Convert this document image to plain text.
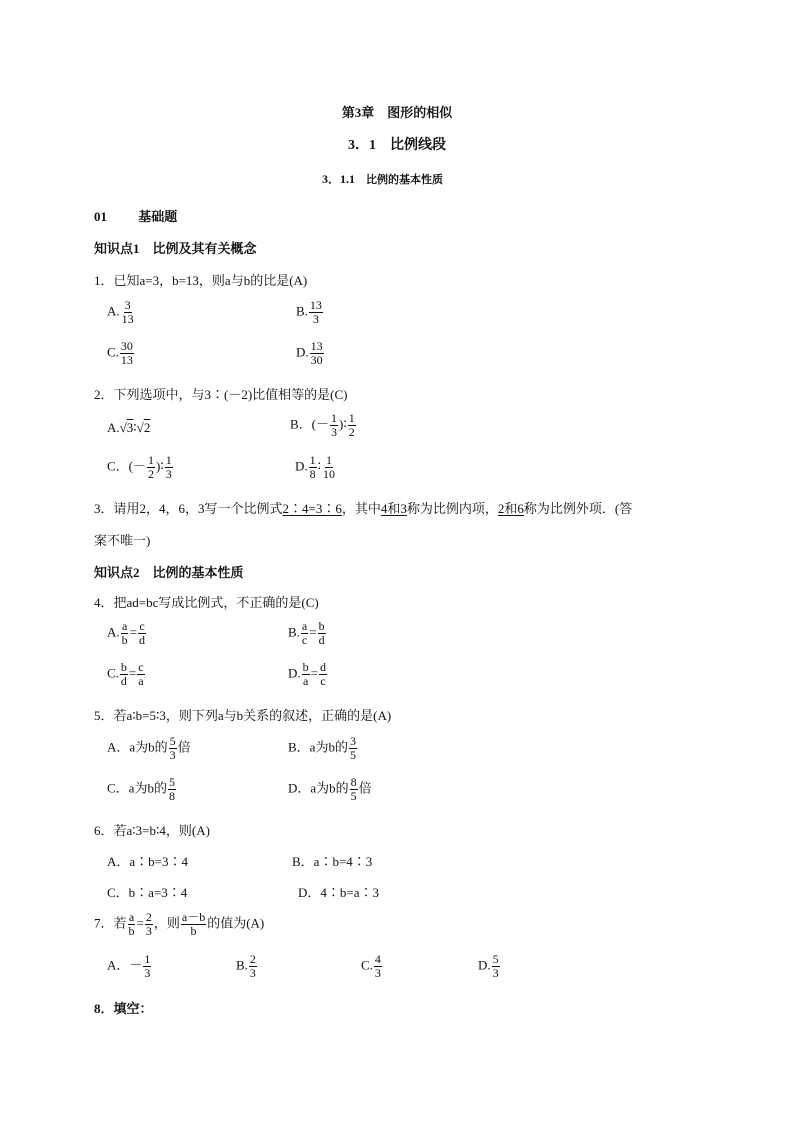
第3章　图形的相似
3．1　比例线段
3．1.1 比例的基本性质
01 基础题
知识点1　比例及其有关概念
1．已知a=3，b=13，则a与b的比是(A)
A. $\frac{3}{13}$	B. $\frac{13}{3}$
C. $\frac{30}{13}$	D. $\frac{13}{30}$
2．下列选项中，与3∶(－2)比值相等的是(C)
A.√3∶√2	B．(－ $\frac{1}{3}$ )∶ $\frac{1}{2}$
C．(－ $\frac{1}{2}$ )∶ $\frac{1}{3}$	D. $\frac{1}{8}$ ∶ $\frac{1}{10}$
3．请用2，4，6，3写一个比例式2∶4=3∶6，其中4和3称为比例内项，2和6称为比例外项．(答
案不唯一)
知识点2　比例的基本性质
4．把ad=bc写成比例式，不正确的是(C)
A. $\frac{a}{b} = \frac{c}{d}$	B. $\frac{a}{c} = \frac{b}{d}$
C. $\frac{b}{d} = \frac{c}{a}$	D. $\frac{b}{a} = \frac{d}{c}$
5．若a∶b=5∶3，则下列a与b关系的叙述，正确的是(A)
A．a为b的 $\frac{5}{3}$ 倍	B．a为b的 $\frac{3}{5}$
C．a为b的 $\frac{5}{8}$	D．a为b的 $\frac{8}{5}$ 倍
6．若a∶3=b∶4，则(A)
A．a∶b=3∶4	B．a∶b=4∶3
C．b∶a=3∶4	D．4∶b=a∶3
7．若 $\frac{a}{b} = \frac{2}{3}$ ，则 $\frac{a-b}{b}$ 的值为(A)
A．－ $\frac{1}{3}$	B. $\frac{2}{3}$	C. $\frac{4}{3}$	D. $\frac{5}{3}$
8．填空：
